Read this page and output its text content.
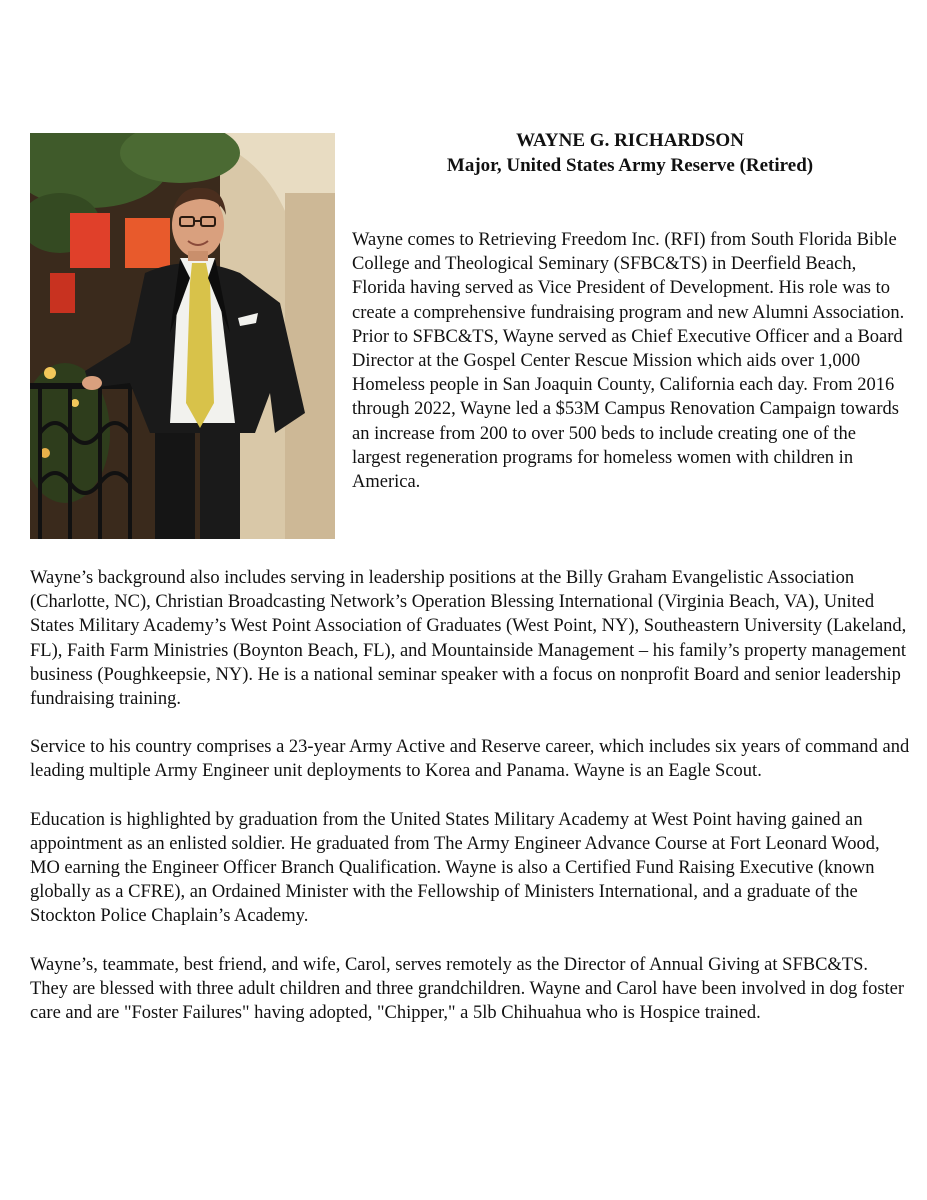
WAYNE G. RICHARDSON
Major, United States Army Reserve (Retired)

Wayne comes to Retrieving Freedom Inc. (RFI) from South Florida Bible College and Theological Seminary (SFBC&TS) in Deerfield Beach, Florida having served as Vice President of Development. His role was to create a comprehensive fundraising program and new Alumni Association.

Prior to SFBC&TS, Wayne served as Chief Executive Officer and a Board Director at the Gospel Center Rescue Mission which aids over 1,000 Homeless people in San Joaquin County, California each day. From 2016 through 2022, Wayne led a $53M Campus Renovation Campaign towards an increase from 200 to over 500 beds to include creating one of the largest regeneration programs for homeless women with children in America.

Wayne’s background also includes serving in leadership positions at the Billy Graham Evangelistic Association (Charlotte, NC), Christian Broadcasting Network’s Operation Blessing International (Virginia Beach, VA), United States Military Academy’s West Point Association of Graduates (West Point, NY), Southeastern University (Lakeland, FL), Faith Farm Ministries (Boynton Beach, FL), and Mountainside Management – his family’s property management business (Poughkeepsie, NY). He is a national seminar speaker with a focus on nonprofit Board and senior leadership fundraising training.

Service to his country comprises a 23-year Army Active and Reserve career, which includes six years of command and leading multiple Army Engineer unit deployments to Korea and Panama. Wayne is an Eagle Scout.

Education is highlighted by graduation from the United States Military Academy at West Point having gained an appointment as an enlisted soldier. He graduated from The Army Engineer Advance Course at Fort Leonard Wood, MO earning the Engineer Officer Branch Qualification. Wayne is also a Certified Fund Raising Executive (known globally as a CFRE), an Ordained Minister with the Fellowship of Ministers International, and a graduate of the Stockton Police Chaplain’s Academy.

Wayne’s, teammate, best friend, and wife, Carol, serves remotely as the Director of Annual Giving at SFBC&TS. They are blessed with three adult children and three grandchildren. Wayne and Carol have been involved in dog foster care and are "Foster Failures" having adopted, "Chipper," a 5lb Chihuahua who is Hospice trained.
